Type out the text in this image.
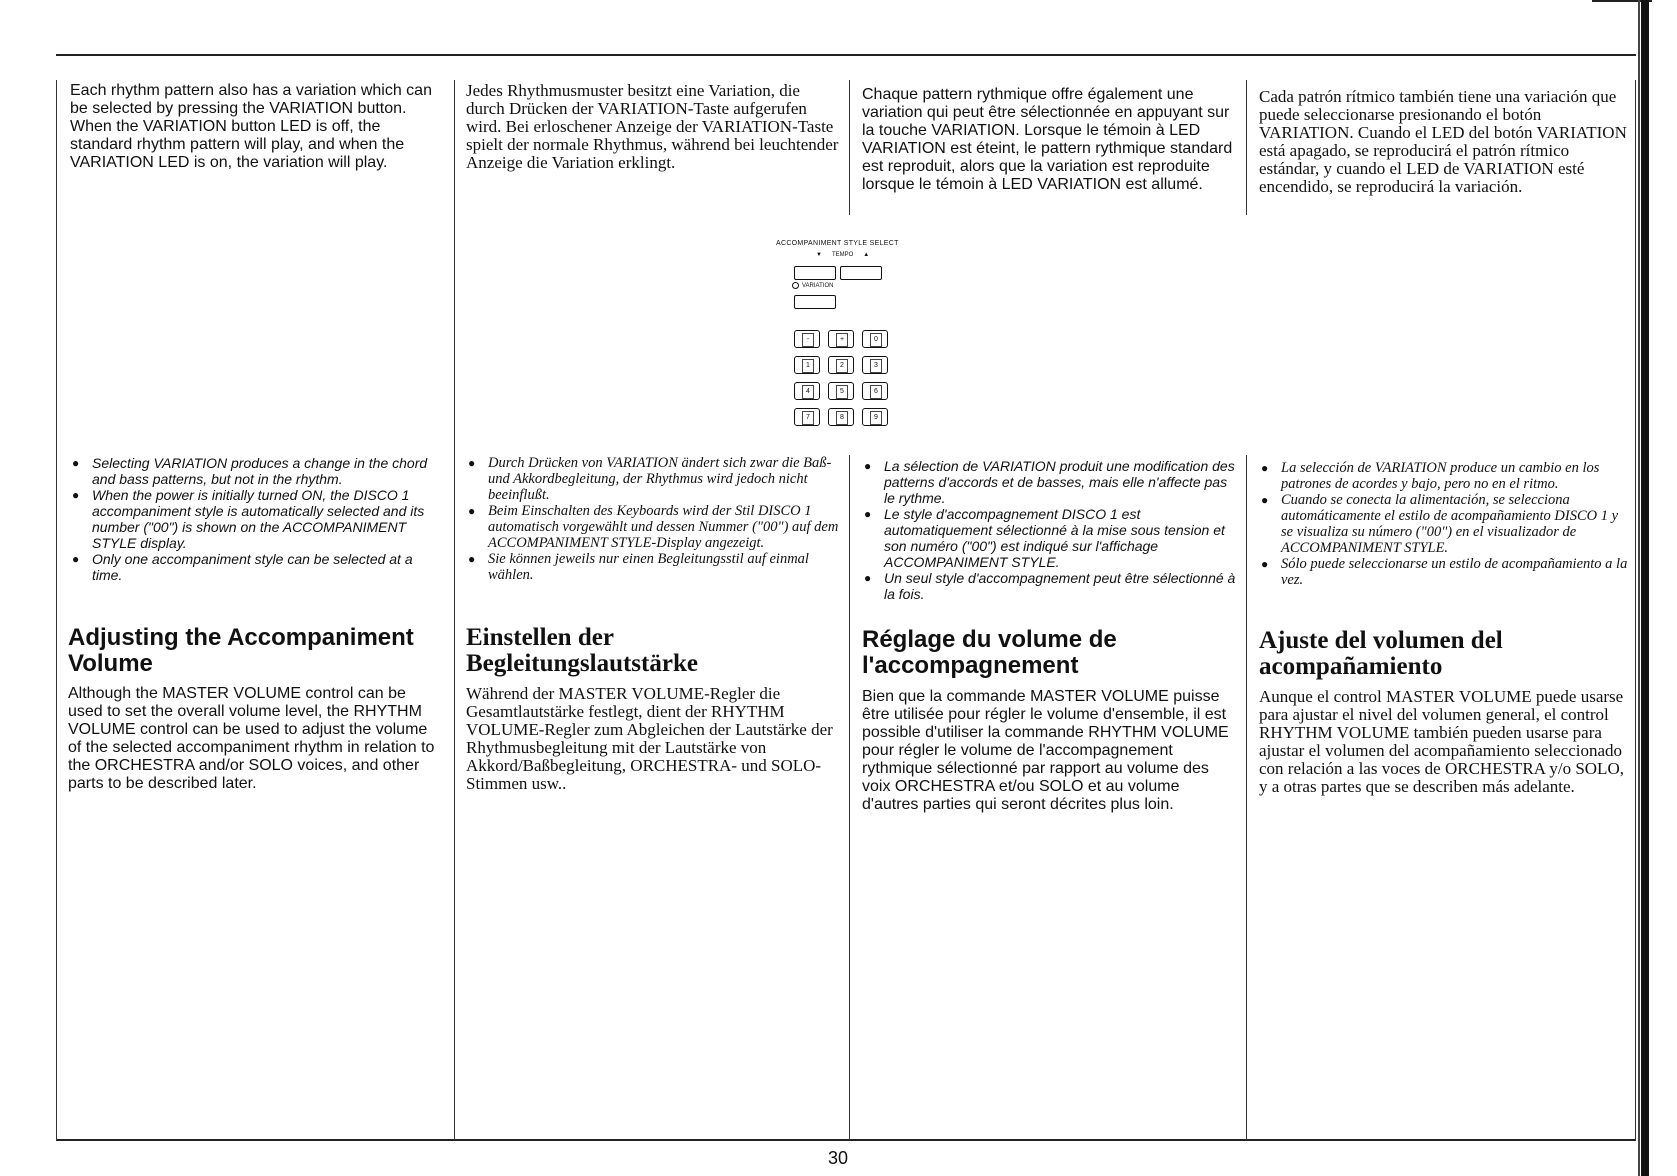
Each rhythm pattern also has a variation which can be selected by pressing the VARIATION button. When the VARIATION button LED is off, the standard rhythm pattern will play, and when the VARIATION LED is on, the variation will play.

● Selecting VARIATION produces a change in the chord and bass patterns, but not in the rhythm.
● When the power is initially turned ON, the DISCO 1 accompaniment style is automatically selected and its number ("00") is shown on the ACCOMPANIMENT STYLE display.
● Only one accompaniment style can be selected at a time.
Adjusting the Accompaniment Volume

Although the MASTER VOLUME control can be used to set the overall volume level, the RHYTHM VOLUME control can be used to adjust the volume of the selected accompaniment rhythm in relation to the ORCHESTRA and/or SOLO voices, and other parts to be described later.

Jedes Rhythmusmuster besitzt eine Variation, die durch Drücken der VARIATION-Taste aufgerufen wird. Bei erloschener Anzeige der VARIATION-Taste spielt der normale Rhythmus, während bei leuchtender Anzeige die Variation erklingt.

● Durch Drücken von VARIATION ändert sich zwar die Baß- und Akkordbegleitung, der Rhythmus wird jedoch nicht beeinflußt.
● Beim Einschalten des Keyboards wird der Stil DISCO 1 automatisch vorgewählt und dessen Nummer ("00") auf dem ACCOMPANIMENT STYLE-Display angezeigt.
● Sie können jeweils nur einen Begleitungsstil auf einmal wählen.
Einstellen der Begleitungslautstärke

Während der MASTER VOLUME-Regler die Gesamtlautstärke festlegt, dient der RHYTHM VOLUME-Regler zum Abgleichen der Lautstärke der Rhythmusbegleitung mit der Lautstärke von Akkord/Baßbegleitung, ORCHESTRA- und SOLO-Stimmen usw..

Chaque pattern rythmique offre également une variation qui peut être sélectionnée en appuyant sur la touche VARIATION. Lorsque le témoin à LED VARIATION est éteint, le pattern rythmique standard est reproduit, alors que la variation est reproduite lorsque le témoin à LED VARIATION est allumé.

● La sélection de VARIATION produit une modification des patterns d'accords et de basses, mais elle n'affecte pas le rythme.
● Le style d'accompagnement DISCO 1 est automatiquement sélectionné à la mise sous tension et son numéro ("00") est indiqué sur l'affichage ACCOMPANIMENT STYLE.
● Un seul style d'accompagnement peut être sélectionné à la fois.
Réglage du volume de l'accompagnement

Bien que la commande MASTER VOLUME puisse être utilisée pour régler le volume d'ensemble, il est possible d'utiliser la commande RHYTHM VOLUME pour régler le volume de l'accompagnement rythmique sélectionné par rapport au volume des voix ORCHESTRA et/ou SOLO et au volume d'autres parties qui seront décrites plus loin.

Cada patrón rítmico también tiene una variación que puede seleccionarse presionando el botón VARIATION. Cuando el LED del botón VARIATION está apagado, se reproducirá el patrón rítmico estándar, y cuando el LED de VARIATION esté encendido, se reproducirá la variación.

● La selección de VARIATION produce un cambio en los patrones de acordes y bajo, pero no en el ritmo.
● Cuando se conecta la alimentación, se selecciona automáticamente el estilo de acompañamiento DISCO 1 y se visualiza su número ("00") en el visualizador de ACCOMPANIMENT STYLE.
● Sólo puede seleccionarse un estilo de acompañamiento a la vez.
Ajuste del volumen del acompañamiento

Aunque el control MASTER VOLUME puede usarse para ajustar el nivel del volumen general, el control RHYTHM VOLUME también pueden usarse para ajustar el volumen del acompañamiento seleccionado con relación a las voces de ORCHESTRA y/o SOLO, y a otras partes que se describen más adelante.

ACCOMPANIMENT STYLE SELECT
▼ TEMPO ▲
VARIATION
-	+	0
1	2	3
4	5	6
7	8	9
30
